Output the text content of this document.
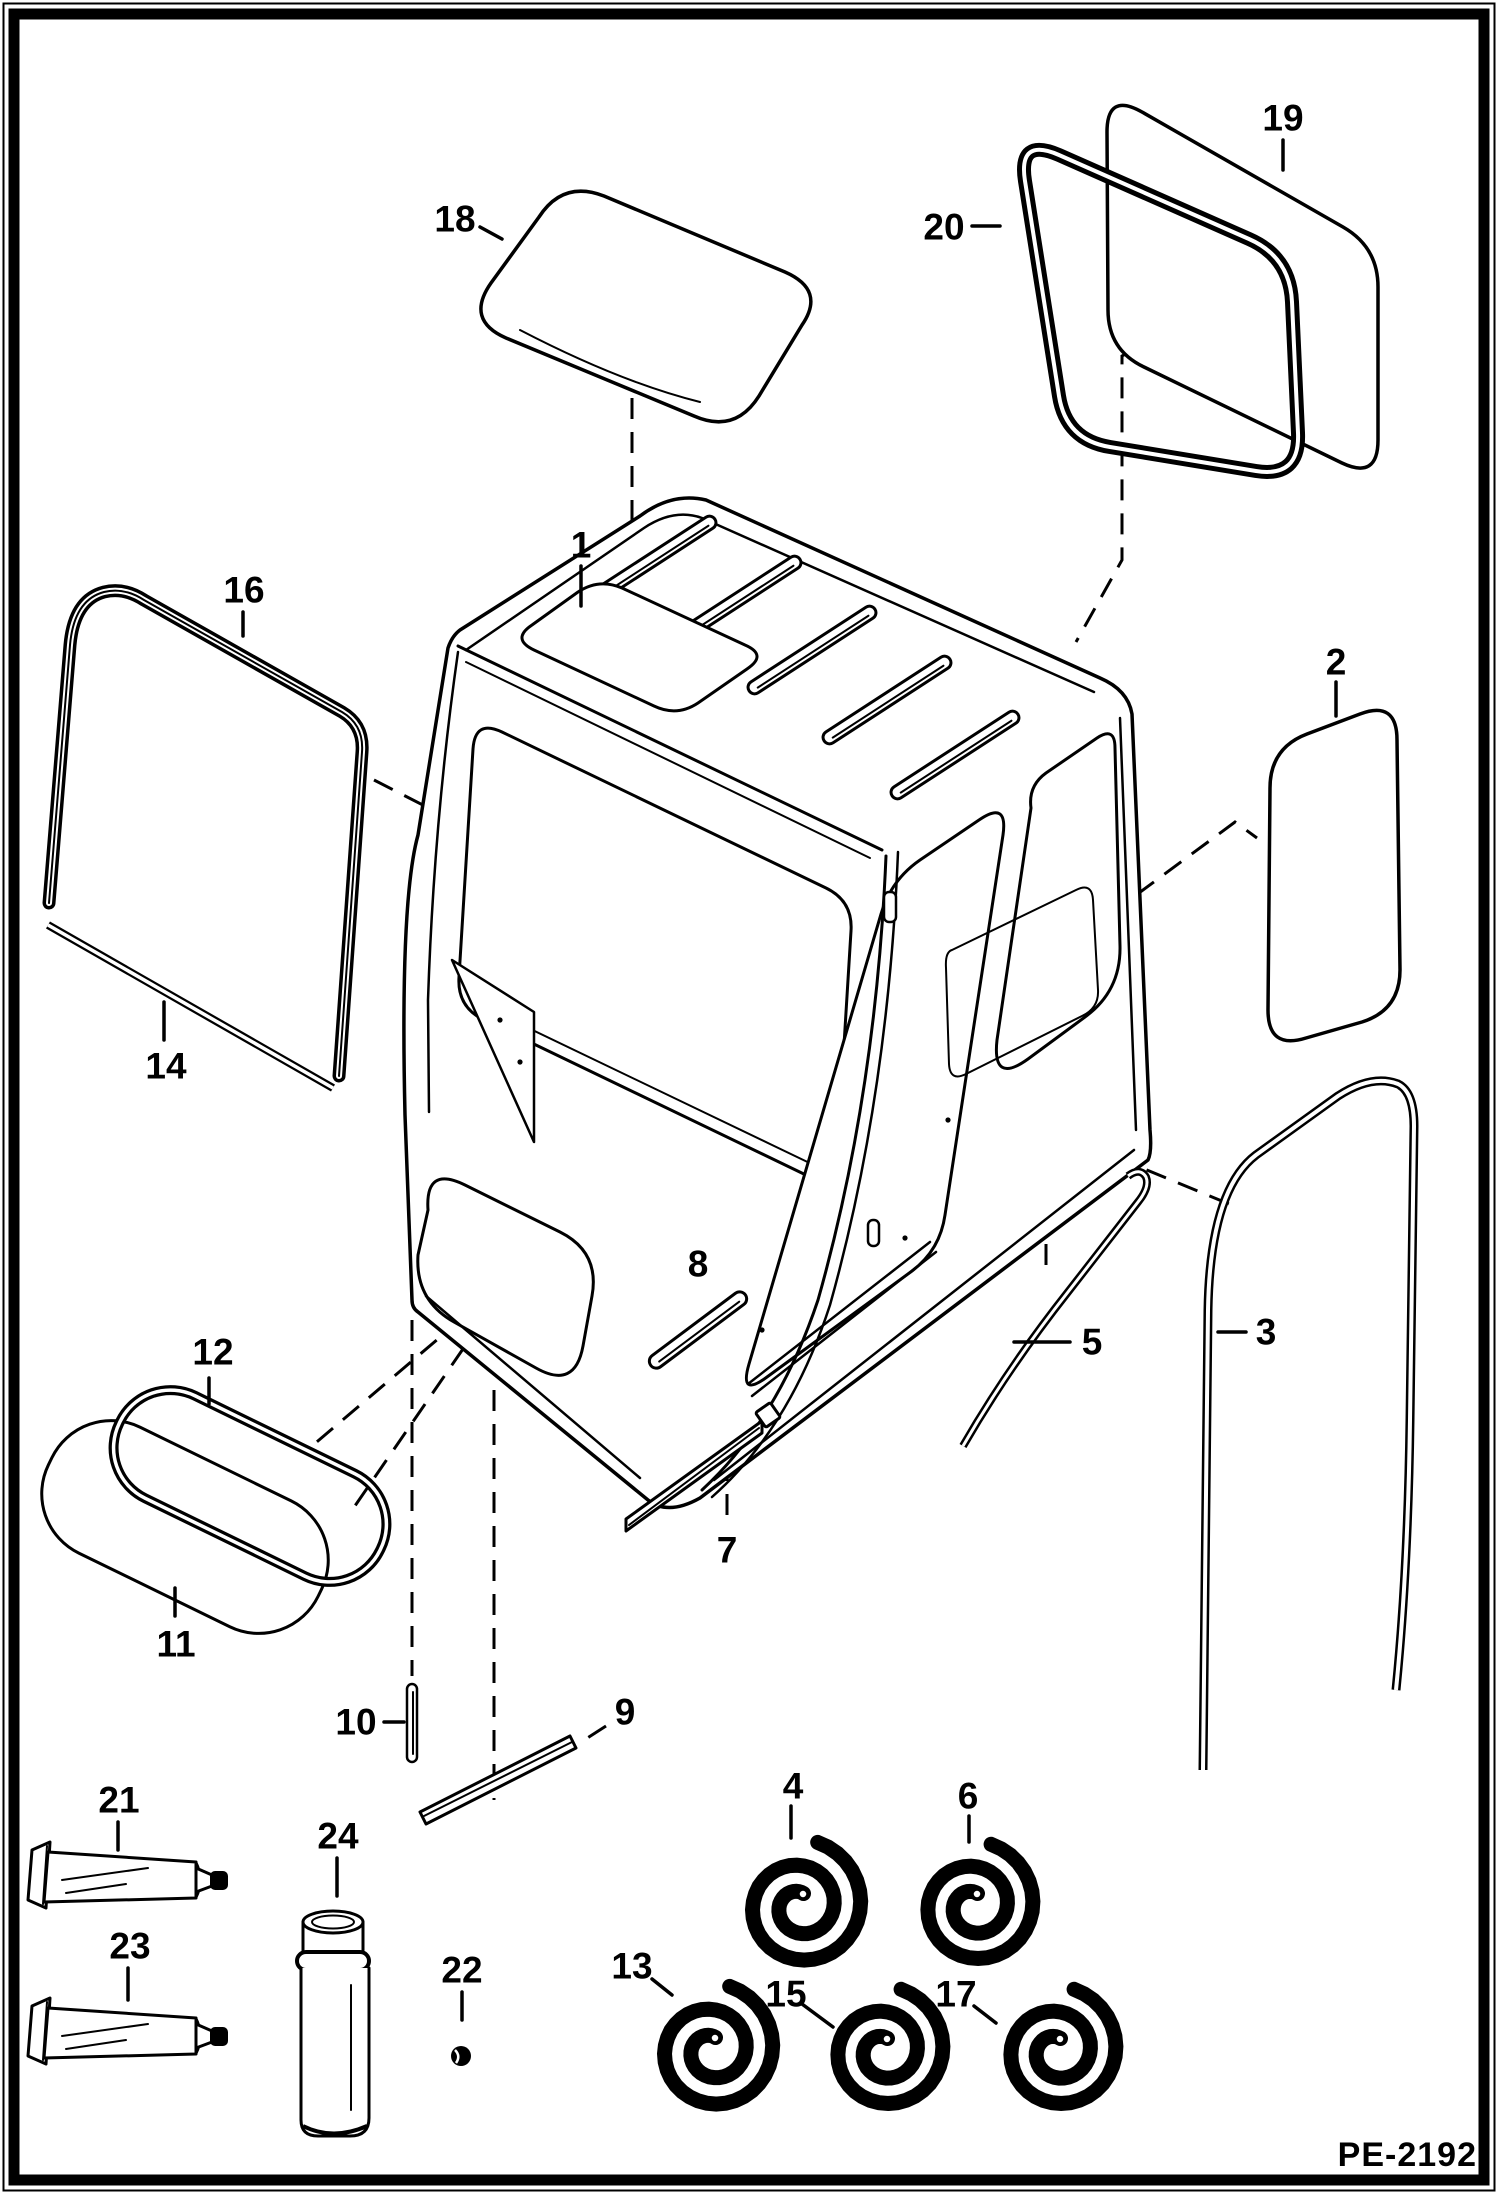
1
2
3
4
5
6
7
8
9
10
11
12
13
14
15
16
17
18
19
20
21
22
23
24
PE-2192
